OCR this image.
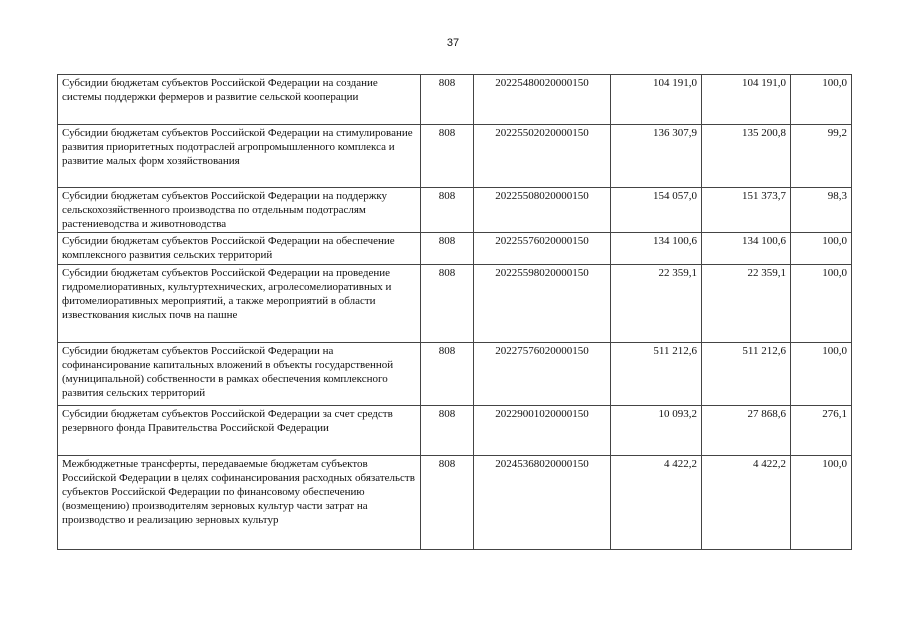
37
Субсидии бюджетам субъектов Российской Федерации на создание системы поддержки фермеров и развитие сельской кооперации	808	20225480020000150	104 191,0	104 191,0	100,0
Субсидии бюджетам субъектов Российской Федерации на стимулирование развития приоритетных подотраслей агропромышленного комплекса и развитие малых форм хозяйствования	808	20225502020000150	136 307,9	135 200,8	99,2
Субсидии бюджетам субъектов Российской Федерации на поддержку сельскохозяйственного производства по отдельным подотраслям растениеводства и животноводства	808	20225508020000150	154 057,0	151 373,7	98,3
Субсидии бюджетам субъектов Российской Федерации на обеспечение комплексного развития сельских территорий	808	20225576020000150	134 100,6	134 100,6	100,0
Субсидии бюджетам субъектов Российской Федерации на проведение гидромелиоративных, культуртехнических, агролесомелиоративных и фитомелиоративных мероприятий, а также мероприятий в области известкования кислых почв на пашне	808	20225598020000150	22 359,1	22 359,1	100,0
Субсидии бюджетам субъектов Российской Федерации на софинансирование капитальных вложений в объекты государственной (муниципальной) собственности в рамках обеспечения комплексного развития сельских территорий	808	20227576020000150	511 212,6	511 212,6	100,0
Субсидии бюджетам субъектов Российской Федерации за счет средств резервного фонда Правительства Российской Федерации	808	20229001020000150	10 093,2	27 868,6	276,1
Межбюджетные трансферты, передаваемые бюджетам субъектов Российской Федерации в целях софинансирования расходных обязательств субъектов Российской Федерации по финансовому обеспечению (возмещению) производителям зерновых культур части затрат на производство и реализацию зерновых культур	808	20245368020000150	4 422,2	4 422,2	100,0
